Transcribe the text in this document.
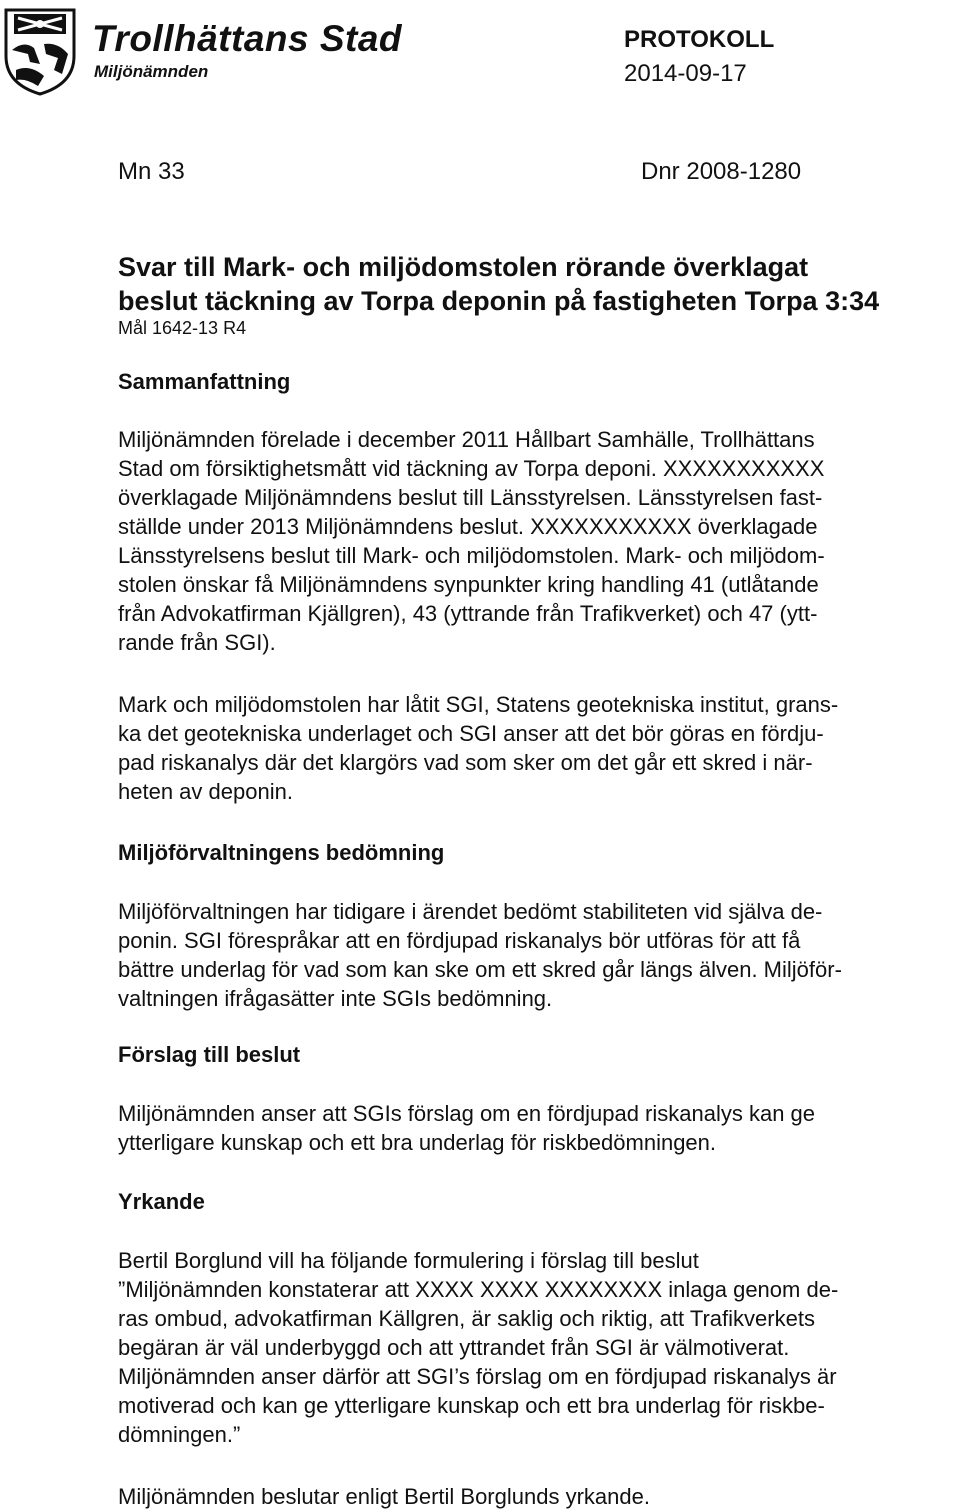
Trollhättans Stad
Miljönämnden
PROTOKOLL
2014-09-17
Mn 33	Dnr 2008-1280
Svar till Mark- och miljödomstolen rörande överklagat
beslut täckning av Torpa deponin på fastigheten Torpa 3:34
Mål 1642-13 R4
Sammanfattning
Miljönämnden förelade i december 2011 Hållbart Samhälle, Trollhättans
Stad om försiktighetsmått vid täckning av Torpa deponi. XXXXXXXXXXX
överklagade Miljönämndens beslut till Länsstyrelsen. Länsstyrelsen fast-
ställde under 2013 Miljönämndens beslut. XXXXXXXXXXX överklagade
Länsstyrelsens beslut till Mark- och miljödomstolen. Mark- och miljödom-
stolen önskar få Miljönämndens synpunkter kring handling 41 (utlåtande
från Advokatfirman Kjällgren), 43 (yttrande från Trafikverket) och 47 (ytt-
rande från SGI).
Mark och miljödomstolen har låtit SGI, Statens geotekniska institut, grans-
ka det geotekniska underlaget och SGI anser att det bör göras en fördju-
pad riskanalys där det klargörs vad som sker om det går ett skred i när-
heten av deponin.
Miljöförvaltningens bedömning
Miljöförvaltningen har tidigare i ärendet bedömt stabiliteten vid själva de-
ponin. SGI förespråkar att en fördjupad riskanalys bör utföras för att få
bättre underlag för vad som kan ske om ett skred går längs älven. Miljöför-
valtningen ifrågasätter inte SGIs bedömning.
Förslag till beslut
Miljönämnden anser att SGIs förslag om en fördjupad riskanalys kan ge
ytterligare kunskap och ett bra underlag för riskbedömningen.
Yrkande
Bertil Borglund vill ha följande formulering i förslag till beslut
”Miljönämnden konstaterar att XXXX XXXX XXXXXXXX inlaga genom de-
ras ombud, advokatfirman Källgren, är saklig och riktig, att Trafikverkets
begäran är väl underbyggd och att yttrandet från SGI är välmotiverat.
Miljönämnden anser därför att SGI’s förslag om en fördjupad riskanalys är
motiverad och kan ge ytterligare kunskap och ett bra underlag för riskbe-
dömningen.”
Miljönämnden beslutar enligt Bertil Borglunds yrkande.
